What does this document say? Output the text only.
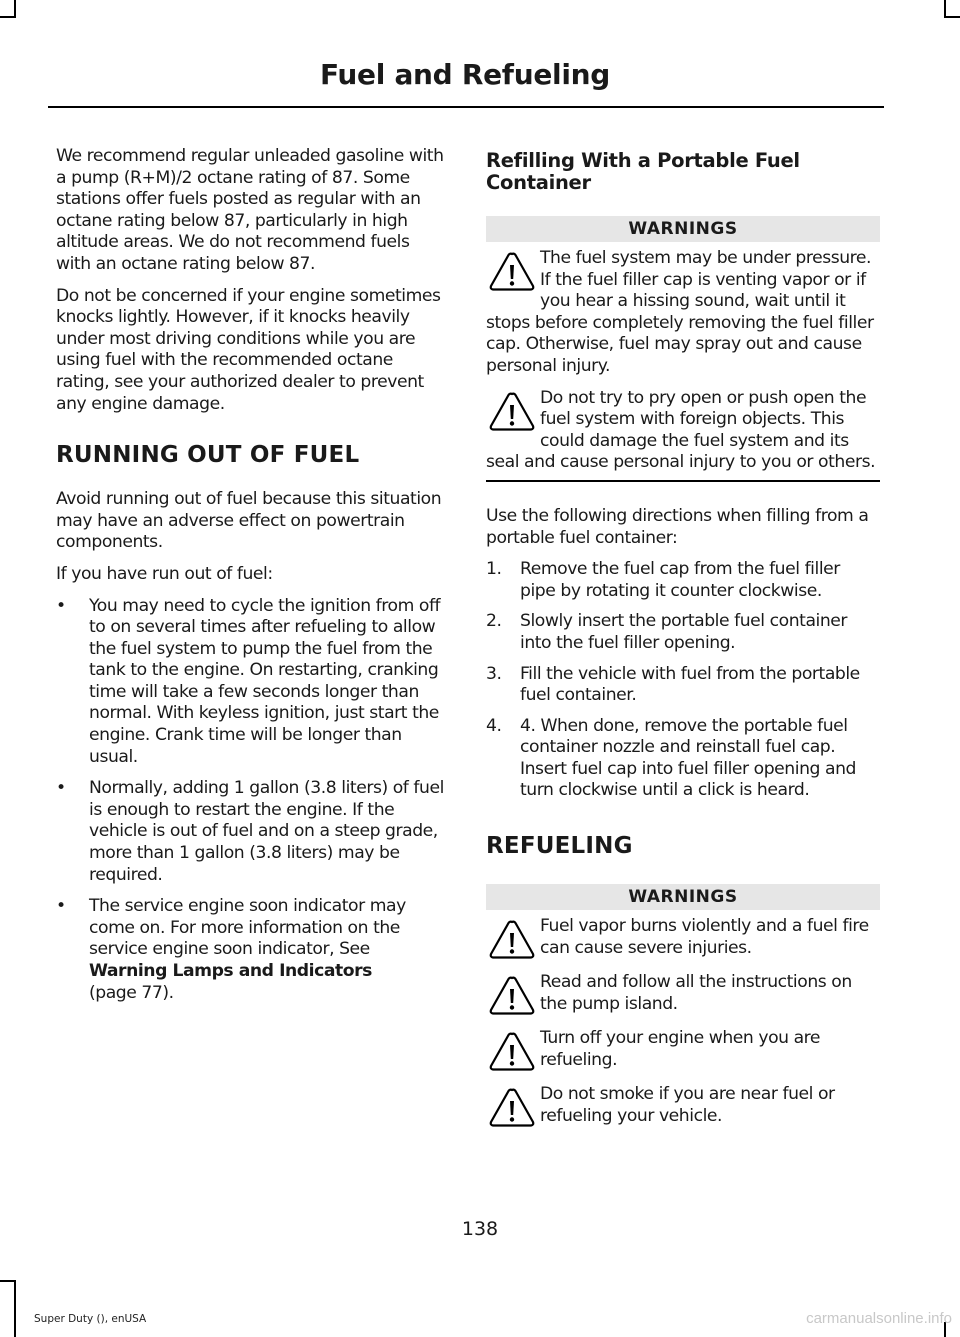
Fuel and Refueling

We recommend regular unleaded gasoline with a pump (R+M)/2 octane rating of 87. Some stations offer fuels posted as regular with an octane rating below 87, particularly in high altitude areas. We do not recommend fuels with an octane rating below 87.

Do not be concerned if your engine sometimes knocks lightly. However, if it knocks heavily under most driving conditions while you are using fuel with the recommended octane rating, see your authorized dealer to prevent any engine damage.

RUNNING OUT OF FUEL

Avoid running out of fuel because this situation may have an adverse effect on powertrain components.

If you have run out of fuel:

• You may need to cycle the ignition from off to on several times after refueling to allow the fuel system to pump the fuel from the tank to the engine. On restarting, cranking time will take a few seconds longer than normal. With keyless ignition, just start the engine. Crank time will be longer than usual.
• Normally, adding 1 gallon (3.8 liters) of fuel is enough to restart the engine. If the vehicle is out of fuel and on a steep grade, more than 1 gallon (3.8 liters) may be required.
• The service engine soon indicator may come on. For more information on the service engine soon indicator, See
Warning Lamps and Indicators
(page 77).
Refilling With a Portable Fuel Container
WARNINGS
The fuel system may be under pressure. If the fuel filler cap is venting vapor or if you hear a hissing sound, wait until it stops before completely removing the fuel filler cap. Otherwise, fuel may spray out and cause personal injury.
Do not try to pry open or push open the fuel system with foreign objects. This could damage the fuel system and its seal and cause personal injury to you or others.

Use the following directions when filling from a portable fuel container:

1. Remove the fuel cap from the fuel filler pipe by rotating it counter clockwise.
2. Slowly insert the portable fuel container into the fuel filler opening.
3. Fill the vehicle with fuel from the portable fuel container.
4. 4. When done, remove the portable fuel container nozzle and reinstall fuel cap. Insert fuel cap into fuel filler opening and turn clockwise until a click is heard.
REFUELING
WARNINGS
Fuel vapor burns violently and a fuel fire can cause severe injuries.
Read and follow all the instructions on the pump island.
Turn off your engine when you are refueling.
Do not smoke if you are near fuel or refueling your vehicle.
138
Super Duty (), enUSA	carmanualsonline.info
